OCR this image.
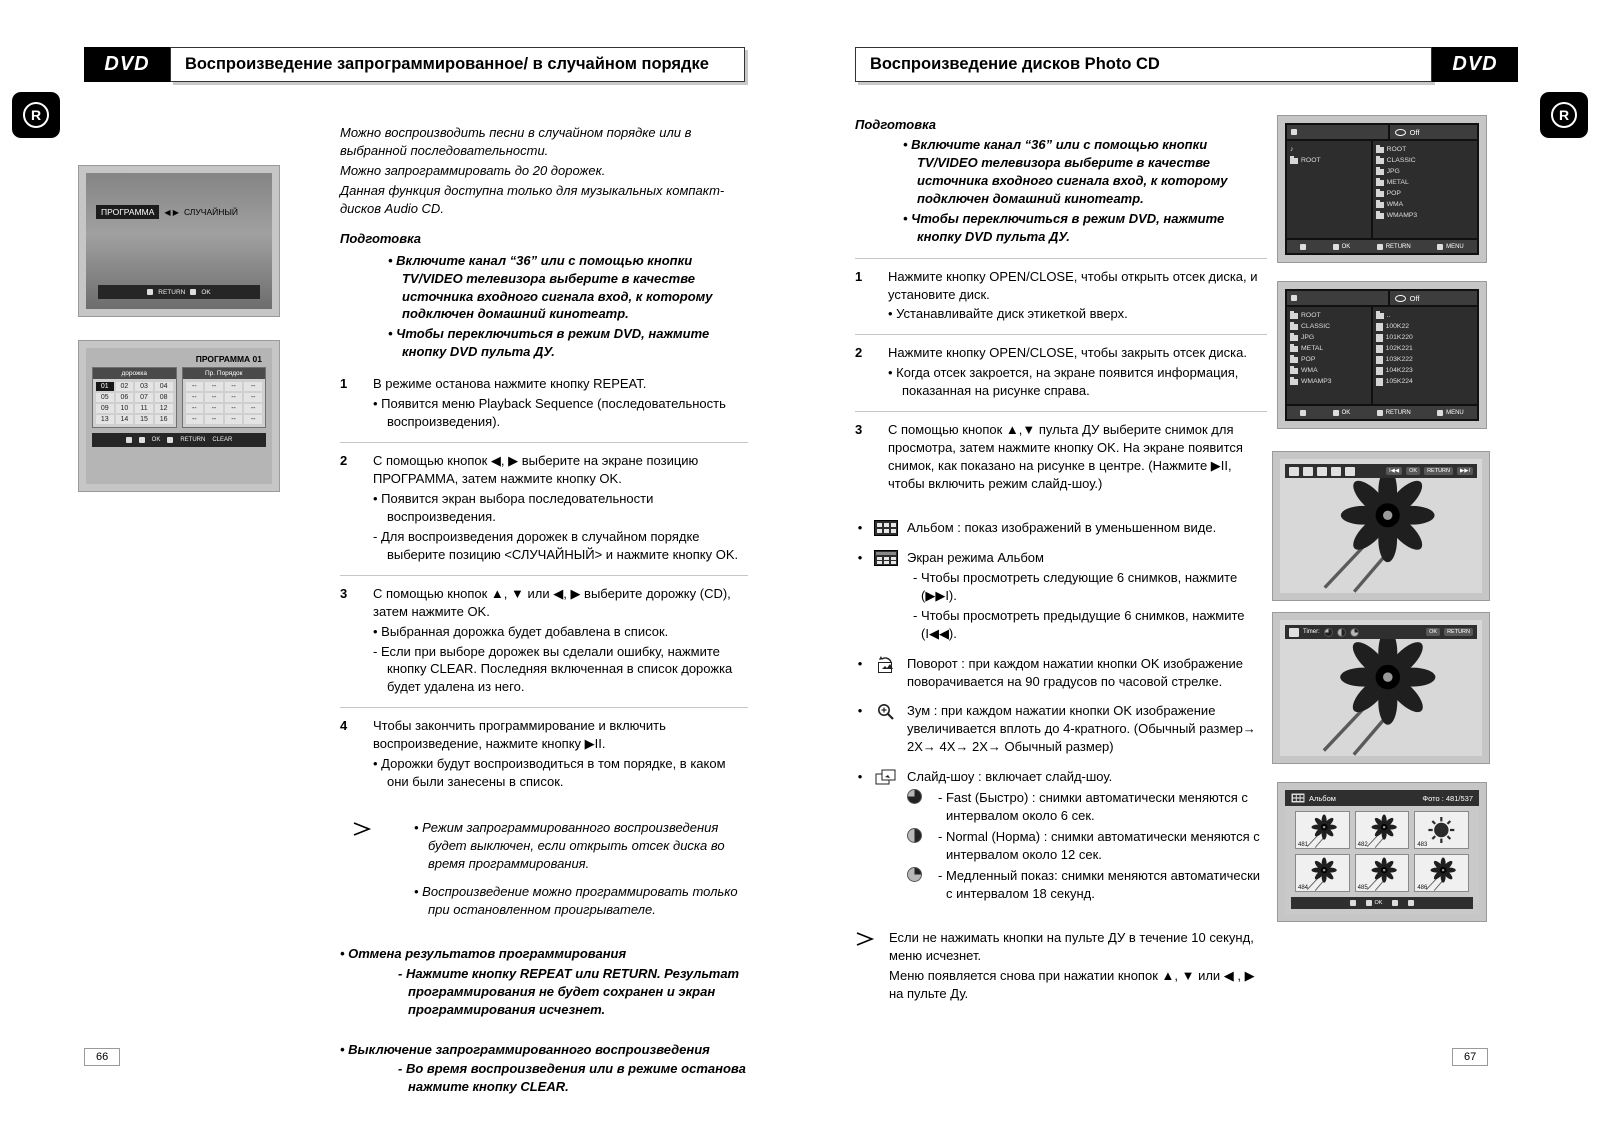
DVD	Воспроизведение запрограммированное/ в случайном порядке	Воспроизведение дисков Photo CD	DVD
R	R
ПРОГРАММА	◀ ▶ СЛУЧАЙНЫЙ
RETURN OK
ПРОГРАММА 01
дорожка
01	02	03	04
05	06	07	08
09	10	11	12
13	14	15	16
Пр. Порядок
--	--	--	--
--	--	--	--
--	--	--	--
--	--	--	--
OK	RETURN CLEAR

Можно воспроизводить песни в случайном порядке или в выбранной последовательности.

Можно запрограммировать до 20 дорожек.

Данная функция доступна только для музыкальных компакт-дисков Audio CD.

Подготовка

• Включите канал “36” или с помощью кнопки TV/VIDEO телевизора выберите в качестве источника входного сигнала вход, к которому подключен домашний кинотеатр.

• Чтобы переключиться в режим DVD, нажмите кнопку DVD пульта ДУ.

1	В режиме останова нажмите кнопку REPEAT.

• Появится меню Playback Sequence (последовательность воспроизведения).

2	С помощью кнопок ◀, ▶ выберите на экране позицию ПРОГРАММА, затем нажмите кнопку OK.

• Появится экран выбора последовательности воспроизведения.

- Для воспроизведения дорожек в случайном порядке выберите позицию <СЛУЧАЙНЫЙ> и нажмите кнопку OK.

3	С помощью кнопок ▲, ▼ или ◀, ▶ выберите дорожку (CD), затем нажмите OK.

• Выбранная дорожка будет добавлена в список.

- Если при выборе дорожек вы сделали ошибку, нажмите кнопку CLEAR. Последняя включенная в список дорожка будет удалена из него.

4	Чтобы закончить программирование и включить воспроизведение, нажмите кнопку ▶II.

• Дорожки будут воспроизводиться в том порядке, в каком они были занесены в список.

• Режим запрограммированного воспроизведения будет выключен, если открыть отсек диска во время программирования.

• Воспроизведение можно программировать только при остановленном проигрывателе.

• Отмена результатов программирования

- Нажмите кнопку REPEAT или RETURN. Результат программирования не будет сохранен и экран программирования исчезнет.

• Выключение запрограммированного воспроизведения

- Во время воспроизведения или в режиме останова нажмите кнопку CLEAR.

Подготовка

• Включите канал “36” или с помощью кнопки TV/VIDEO телевизора выберите в качестве источника входного сигнала вход, к которому подключен домашний кинотеатр.

• Чтобы переключиться в режим DVD, нажмите кнопку DVD пульта ДУ.

1	Нажмите кнопку OPEN/CLOSE, чтобы открыть отсек диска, и установите диск.

• Устанавливайте диск этикеткой вверх.

2	Нажмите кнопку OPEN/CLOSE, чтобы закрыть отсек диска.

• Когда отсек закроется, на экране появится информация, показанная на рисунке справа.

3	С помощью кнопок ▲,▼ пульта ДУ выберите снимок для просмотра, затем нажмите кнопку OK. На экране появится снимок, как показано на рисунке в центре. (Нажмите ▶II, чтобы включить режим слайд-шоу.)

•	Альбом : показ изображений в уменьшенном виде.

•	Экран режима Альбом

- Чтобы просмотреть следующие 6 снимков, нажмите (▶▶I).

- Чтобы просмотреть предыдущие 6 снимков, нажмите (I◀◀).

•	Поворот : при каждом нажатии кнопки OK изображение поворачивается на 90 градусов по часовой стрелке.

•	Зум : при каждом нажатии кнопки OK изображение увеличивается вплоть до 4-кратного. (Обычный размер→ 2X→ 4X→ 2X→ Обычный размер)

•	Слайд-шоу : включает слайд-шоу.

- Fast (Быстро) : снимки автоматически меняются с интервалом около 6 сек.

- Normal (Норма) : снимки автоматически меняются с интервалом около 12 сек.

- Медленный показ: снимки меняются автоматически с интервалом 18 секунд.

Если не нажимать кнопки на пульте ДУ в течение 10 секунд, меню исчезнет.

Меню появляется снова при нажатии кнопок ▲, ▼ или ◀ , ▶ на пульте Ду.

Off
♪
ROOT
ROOT
CLASSIC
JPG
METAL
POP
WMA
WMAMP3
OK	RETURN	MENU
Off
ROOT
CLASSIC
JPG
METAL
POP
WMA
WMAMP3
..
100K22
101K220
102K221
103K222
104K223
105K224
OK	RETURN	MENU
I◀◀	OK	RETURN	▶▶I
Timer:	OK	RETURN
Альбом	Фото : 481/537
481	482	483
484	485	486
OK
66	67
